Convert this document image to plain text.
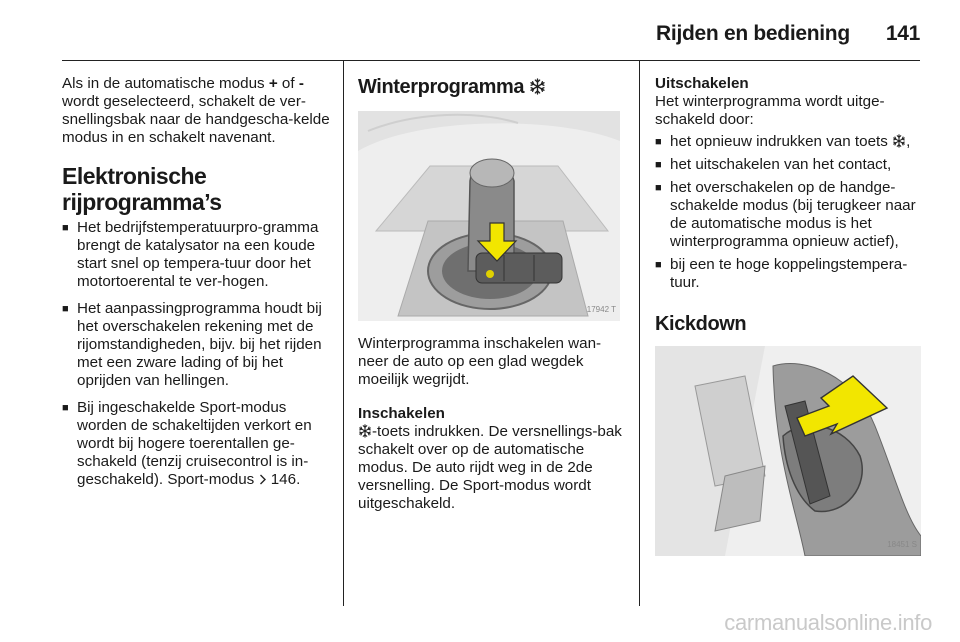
Rijden en bediening 141

Als in de automatische modus + of - wordt geselecteerd, schakelt de ver-snellingsbak naar de handgescha-kelde modus in en schakelt navenant.

Elektronische rijprogramma’s
■ Het bedrijfstemperatuurpro-gramma brengt de katalysator na een koude start snel op tempera-tuur door het motortoerental te ver-hogen.
■ Het aanpassingprogramma houdt bij het overschakelen rekening met de rijomstandigheden, bijv. bij het rijden met een zware lading of bij het oprijden van hellingen.
■ Bij ingeschakelde Sport-modus worden de schakeltijden verkort en wordt bij hogere toerentallen ge-schakeld (tenzij cruisecontrol is in-geschakeld). Sport-modus  146.
Winterprogramma
17942 T

Winterprogramma inschakelen wan-neer de auto op een glad wegdek moeilijk wegrijdt.

Inschakelen

-toets indrukken. De versnellings-bak schakelt over op de automatische modus. De auto rijdt weg in de 2de versnelling. De Sport-modus wordt uitgeschakeld.

Uitschakelen

Het winterprogramma wordt uitge-schakeld door:

■ het opnieuw indrukken van toets ,
■ het uitschakelen van het contact,
■ het overschakelen op de handge-schakelde modus (bij terugkeer naar de automatische modus is het winterprogramma opnieuw actief),
■ bij een te hoge koppelingstempera-tuur.
Kickdown
18451 S
carmanualsonline.info
